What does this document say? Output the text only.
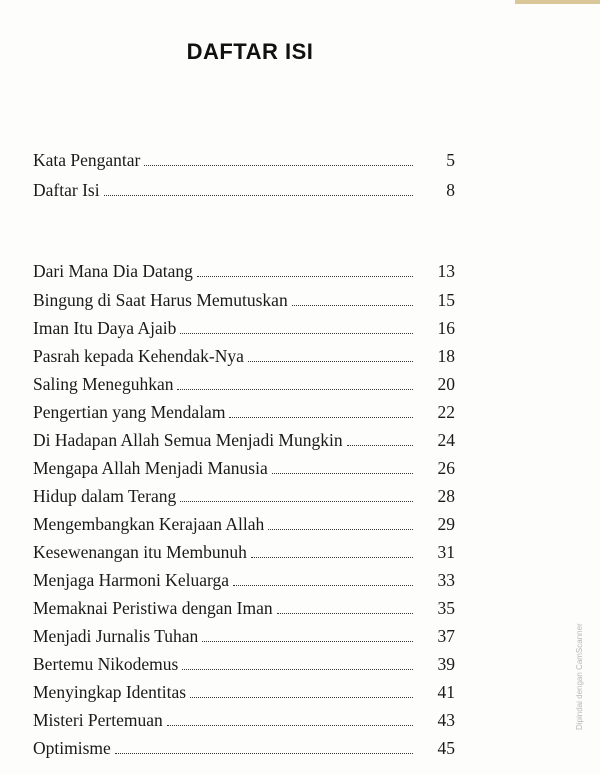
DAFTAR ISI
Kata Pengantar	5
Daftar Isi	8
Dari Mana Dia Datang	13
Bingung di Saat Harus Memutuskan	15
Iman Itu Daya Ajaib	16
Pasrah kepada Kehendak-Nya	18
Saling Meneguhkan	20
Pengertian yang Mendalam	22
Di Hadapan Allah Semua Menjadi Mungkin	24
Mengapa Allah Menjadi Manusia	26
Hidup dalam Terang	28
Mengembangkan Kerajaan Allah	29
Kesewenangan itu Membunuh	31
Menjaga Harmoni Keluarga	33
Memaknai Peristiwa dengan Iman	35
Menjadi Jurnalis Tuhan	37
Bertemu Nikodemus	39
Menyingkap Identitas	41
Misteri Pertemuan	43
Optimisme	45
Dipindai dengan CamScanner
